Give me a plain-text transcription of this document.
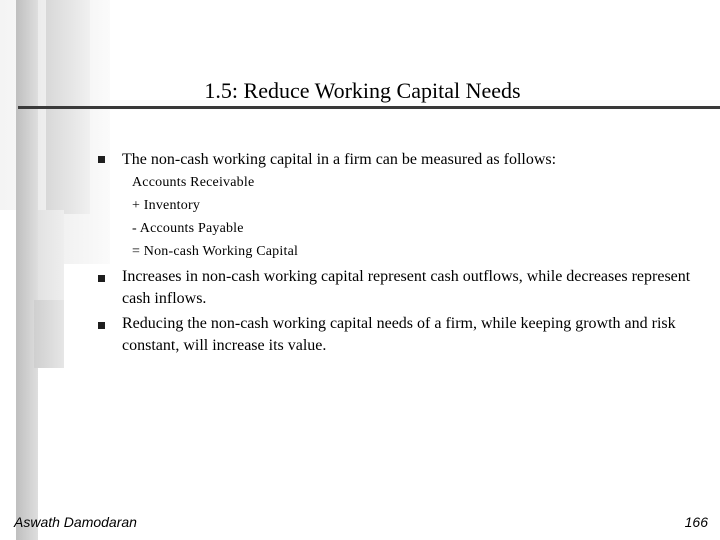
1.5: Reduce Working Capital Needs
The non-cash working capital in a firm can be measured as follows:
Accounts Receivable
+ Inventory
- Accounts Payable
= Non-cash Working Capital
Increases in non-cash working capital represent cash outflows, while decreases represent cash inflows.
Reducing the non-cash working capital needs of a firm, while keeping growth and risk constant, will increase its value.
Aswath Damodaran	166
